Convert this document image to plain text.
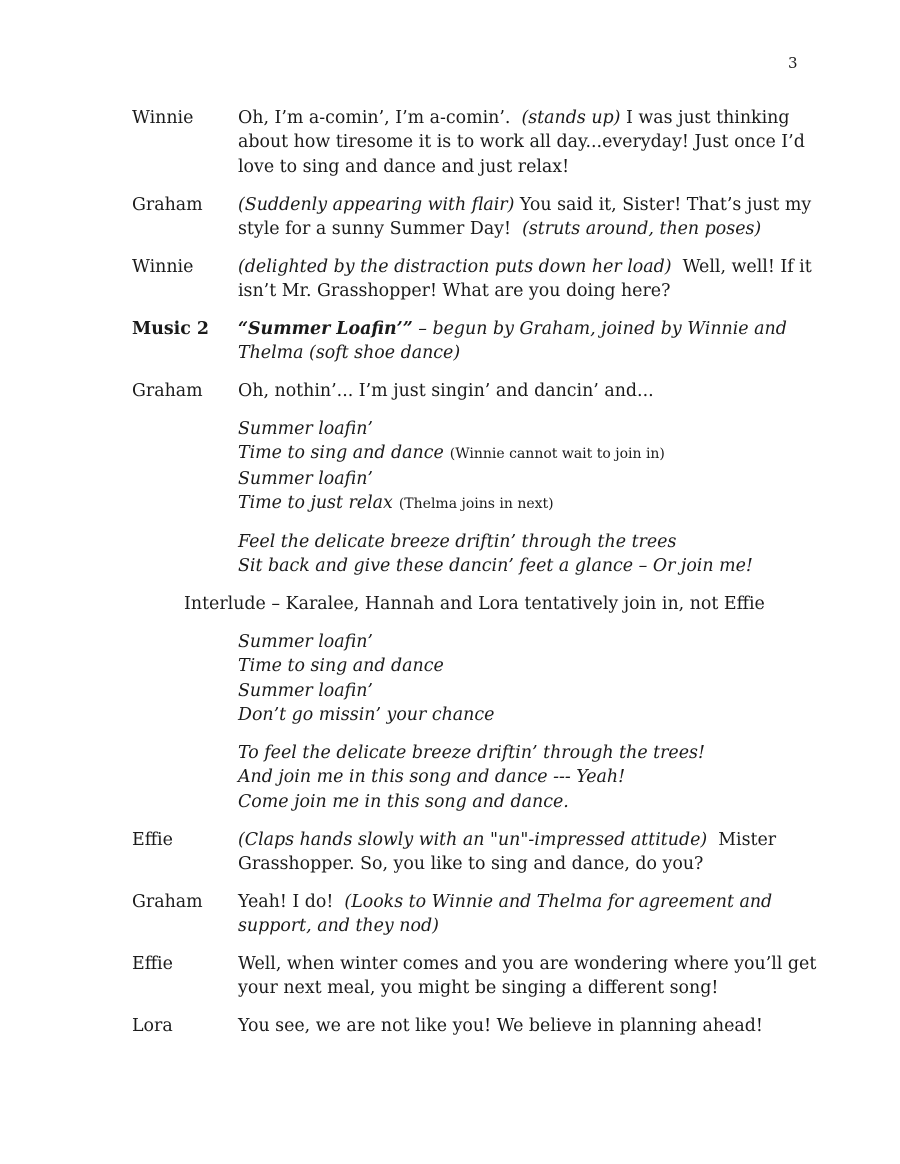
3
Winnie	Oh, I’m a-comin’, I’m a-comin’. (stands up) I was just thinking about how tiresome it is to work all day...everyday! Just once I’d love to sing and dance and just relax!
Graham	(Suddenly appearing with flair) You said it, Sister! That’s just my style for a sunny Summer Day! (struts around, then poses)
Winnie	(delighted by the distraction puts down her load) Well, well! If it isn’t Mr. Grasshopper! What are you doing here?
Music 2	“Summer Loafin’” – begun by Graham, joined by Winnie and Thelma (soft shoe dance)
Graham	Oh, nothin’... I’m just singin’ and dancin’ and...
Summer loafin’
Time to sing and dance (Winnie cannot wait to join in)
Summer loafin’
Time to just relax (Thelma joins in next)
Feel the delicate breeze driftin’ through the trees
Sit back and give these dancin’ feet a glance – Or join me!
Interlude – Karalee, Hannah and Lora tentatively join in, not Effie
Summer loafin’
Time to sing and dance
Summer loafin’
Don’t go missin’ your chance
To feel the delicate breeze driftin’ through the trees!
And join me in this song and dance --- Yeah!
Come join me in this song and dance.
Effie	(Claps hands slowly with an "un"-impressed attitude) Mister Grasshopper. So, you like to sing and dance, do you?
Graham	Yeah! I do! (Looks to Winnie and Thelma for agreement and support, and they nod)
Effie	Well, when winter comes and you are wondering where you’ll get your next meal, you might be singing a different song!
Lora	You see, we are not like you! We believe in planning ahead!
